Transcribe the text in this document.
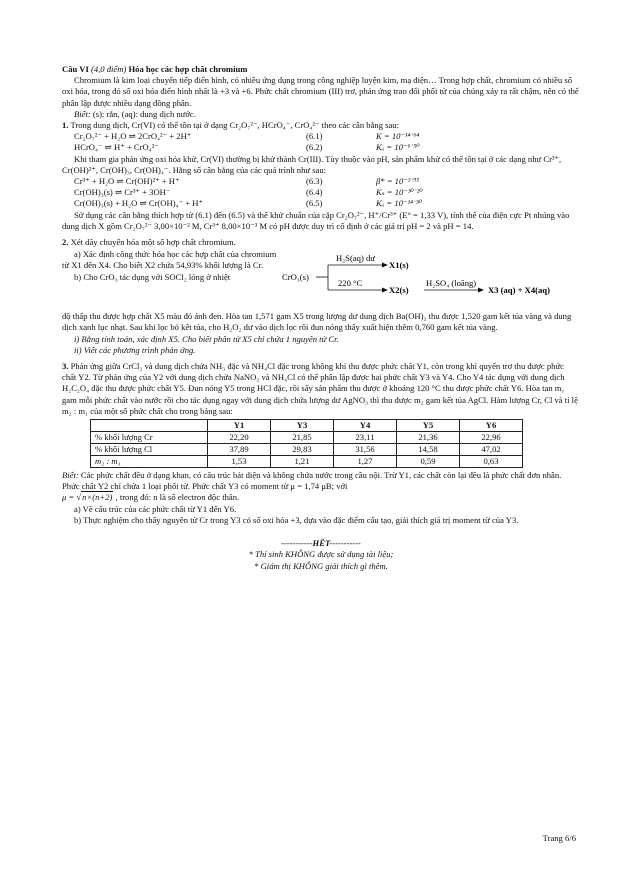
Câu VI (4,0 điểm) Hóa học các hợp chất chromium

Chromium là kim loại chuyển tiếp điển hình, có nhiều ứng dụng trong công nghiệp luyện kim, mạ điện… Trong hợp chất, chromium có nhiều số oxi hóa, trong đó số oxi hóa điển hình nhất là +3 và +6. Phức chất chromium (III) trơ, phản ứng trao đổi phối tử của chúng xảy ra rất chậm, nên có thể phân lập được nhiều dạng đồng phân.

Biết: (s): rắn, (aq): dung dịch nước.

1. Trong dung dịch, Cr(VI) có thể tồn tại ở dạng Cr₂O₇²⁻, HCrO₄⁻, CrO₄²⁻ theo các cân bằng sau:

Cr₂O₇²⁻ + H₂O ⇌ 2CrO₄²⁻ + 2H⁺	(6.1)	K = 10⁻¹⁴˙⁶⁴
HCrO₄⁻ ⇌ H⁺ + CrO₄²⁻	(6.2)	Kₐ = 10⁻⁶˙⁵⁰

Khi tham gia phản ứng oxi hóa khử, Cr(VI) thường bị khử thành Cr(III). Tùy thuộc vào pH, sản phẩm khử có thể tồn tại ở các dạng như Cr³⁺, Cr(OH)²⁺, Cr(OH)₃, Cr(OH)₄⁻. Hằng số cân bằng của các quá trình như sau:

Cr³⁺ + H₂O ⇌ Cr(OH)²⁺ + H⁺	(6.3)	β* = 10⁻³˙⁹⁵
Cr(OH)₃(s) ⇌ Cr³⁺ + 3OH⁻	(6.4)	Kₛ = 10⁻³⁰˙²⁰
Cr(OH)₃(s) + H₂O ⇌ Cr(OH)₄⁻ + H⁺	(6.5)	Kₐ = 10⁻¹⁴˙³⁰

Sử dụng các cân bằng thích hợp từ (6.1) đến (6.5) và thế khử chuẩn của cặp Cr₂O₇²⁻, H⁺/Cr³⁺ (E° = 1,33 V), tính thế của điện cực Pt nhúng vào dung dịch X gồm Cr₂O₇²⁻ 3,00×10⁻² M, Cr³⁺ 8,00×10⁻³ M có pH được duy trì cố định ở các giá trị pH = 2 và pH = 14.

2. Xét dãy chuyển hóa một số hợp chất chromium.

a) Xác định công thức hóa học các hợp chất của chromium từ X1 đến X4. Cho biết X2 chứa 54,93% khối lượng là Cr.

b) Cho CrO₃ tác dụng với SOCl₂ lỏng ở nhiệt	CrO₃(s)
H₂S(aq) dư
X1(s)
220 °C
X2(s)
H₂SO₄ (loãng)
X3 (aq) + X4(aq)

độ thấp thu được hợp chất X5 màu đỏ ánh đen. Hòa tan 1,571 gam X5 trong lượng dư dung dịch Ba(OH)₂ thu được 1,520 gam kết tủa vàng và dung dịch xanh lục nhạt. Sau khi lọc bỏ kết tủa, cho H₂O₂ dư vào dịch lọc rồi đun nóng thấy xuất hiện thêm 0,760 gam kết tủa vàng.

i) Bằng tính toán, xác định X5. Cho biết phân tử X5 chỉ chứa 1 nguyên tử Cr.

ii) Viết các phương trình phản ứng.

3. Phản ứng giữa CrCl₂ và dung dịch chứa NH₃ đặc và NH₄Cl đặc trong không khí thu được phức chất Y1, còn trong khí quyển trơ thu được phức chất Y2. Từ phản ứng của Y2 với dung dịch chứa NaNO₂ và NH₄Cl có thể phân lập được hai phức chất Y3 và Y4. Cho Y4 tác dụng với dung dịch H₂C₂O₄ đặc thu được phức chất Y5. Đun nóng Y5 trong HCl đặc, rồi sấy sản phẩm thu được ở khoảng 120 °C thu được phức chất Y6. Hòa tan m₁ gam mỗi phức chất vào nước rồi cho tác dụng ngay với dung dịch chứa lượng dư AgNO₃ thì thu được m₂ gam kết tủa AgCl. Hàm lượng Cr, Cl và tỉ lệ m₂ : m₁ của một số phức chất cho trong bảng sau:

	Y1	Y3	Y4	Y5	Y6
% khối lượng Cr	22,20	21,85	23,11	21,36	22,96
% khối lượng Cl	37,89	29,83	31,56	14,58	47,02
m₂ : m₁	1,53	1,21	1,27	0,59	0,63

Biết: Các phức chất đều ở dạng khan, có cấu trúc bát diện và không chứa nước trong cầu nội. Trừ Y1, các chất còn lại đều là phức chất đơn nhân. Phức chất Y2 chỉ chứa 1 loại phối tử. Phức chất Y3 có moment từ μ = 1,74 μB; với

μ = √n×(n+2) , trong đó: n là số electron độc thân.

a) Vẽ cấu trúc của các phức chất từ Y1 đến Y6.

b) Thực nghiệm cho thấy nguyên tử Cr trong Y3 có số oxi hóa +3, dựa vào đặc điểm cấu tạo, giải thích giá trị moment từ của Y3.

-----------HẾT-----------

* Thí sinh KHÔNG được sử dụng tài liệu;

* Giám thị KHÔNG giải thích gì thêm.

Trang 6/6
